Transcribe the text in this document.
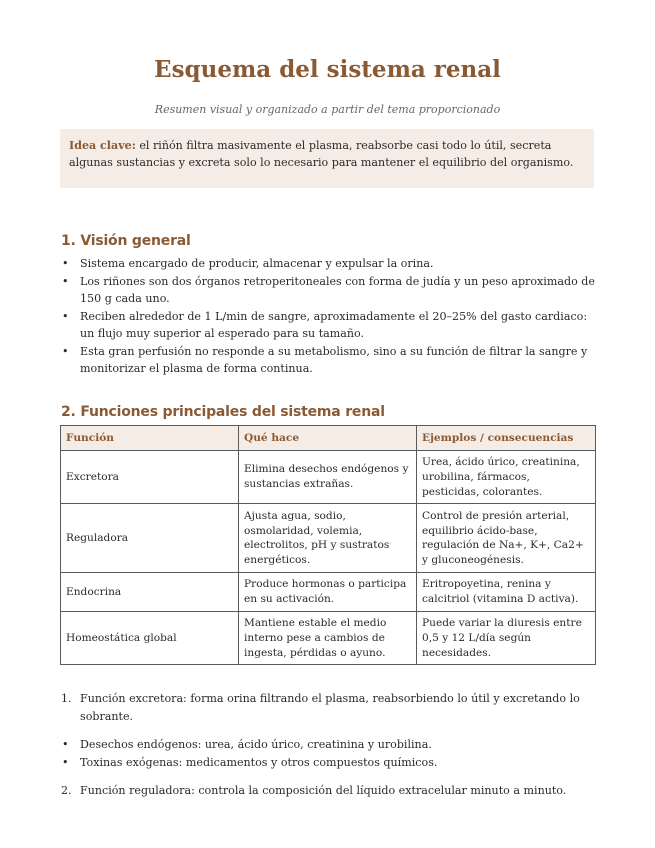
Esquema del sistema renal
Resumen visual y organizado a partir del tema proporcionado
Idea clave: el riñón filtra masivamente el plasma, reabsorbe casi todo lo útil, secreta algunas sustancias y excreta solo lo necesario para mantener el equilibrio del organismo.
1. Visión general
• Sistema encargado de producir, almacenar y expulsar la orina.
• Los riñones son dos órganos retroperitoneales con forma de judía y un peso aproximado de 150 g cada uno.
• Reciben alrededor de 1 L/min de sangre, aproximadamente el 20–25% del gasto cardiaco: un flujo muy superior al esperado para su tamaño.
• Esta gran perfusión no responde a su metabolismo, sino a su función de filtrar la sangre y monitorizar el plasma de forma continua.
2. Funciones principales del sistema renal
Función	Qué hace	Ejemplos / consecuencias
Excretora	Elimina desechos endógenos y sustancias extrañas.	Urea, ácido úrico, creatinina, urobilina, fármacos, pesticidas, colorantes.
Reguladora	Ajusta agua, sodio, osmolaridad, volemia, electrolitos, pH y sustratos energéticos.	Control de presión arterial, equilibrio ácido-base, regulación de Na+, K+, Ca2+ y gluconeogénesis.
Endocrina	Produce hormonas o participa en su activación.	Eritropoyetina, renina y calcitriol (vitamina D activa).
Homeostática global	Mantiene estable el medio interno pese a cambios de ingesta, pérdidas o ayuno.	Puede variar la diuresis entre 0,5 y 12 L/día según necesidades.
1. Función excretora: forma orina filtrando el plasma, reabsorbiendo lo útil y excretando lo sobrante.
• Desechos endógenos: urea, ácido úrico, creatinina y urobilina.
• Toxinas exógenas: medicamentos y otros compuestos químicos.
2. Función reguladora: controla la composición del líquido extracelular minuto a minuto.
